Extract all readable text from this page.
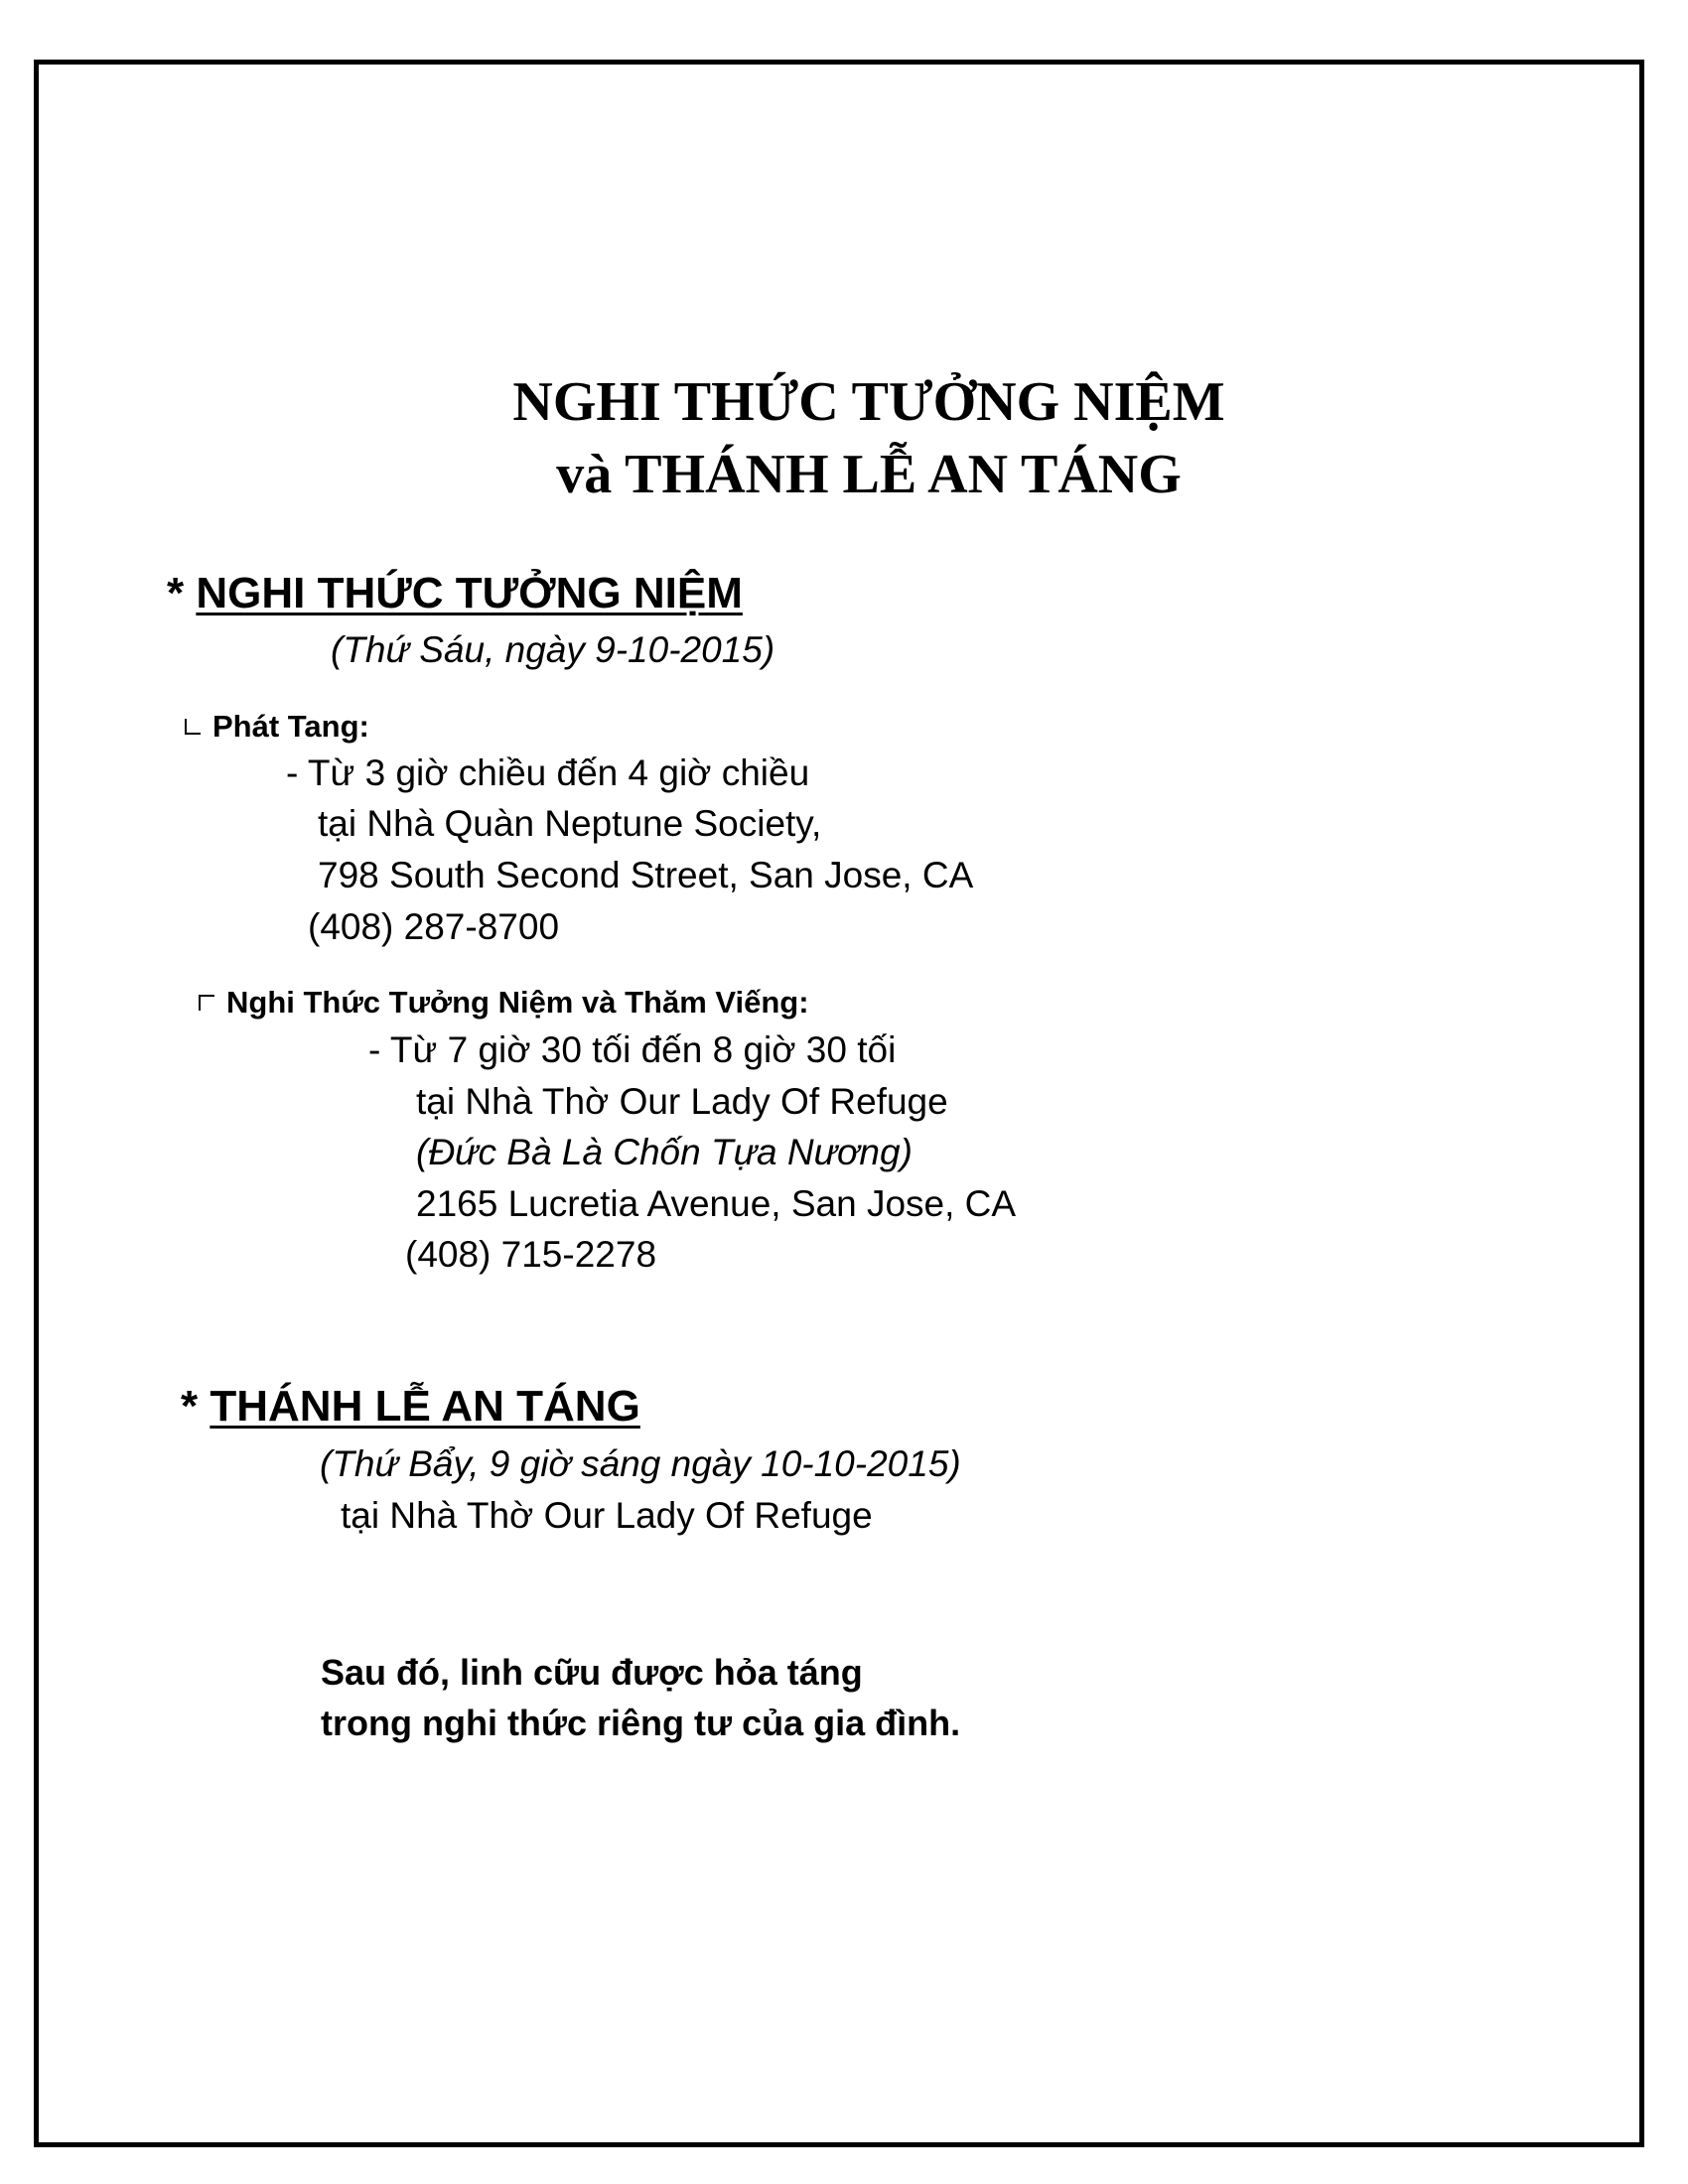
NGHI THỨC TƯỞNG NIỆM
và THÁNH LỄ AN TÁNG
* NGHI THỨC TƯỞNG NIỆM
(Thứ Sáu, ngày 9-10-2015)
Phát Tang:
- Từ 3 giờ chiều đến 4 giờ chiều
tại Nhà Quàn Neptune Society,
798 South Second Street, San Jose, CA
(408) 287-8700
Nghi Thức Tưởng Niệm và Thăm Viếng:
- Từ 7 giờ 30 tối đến 8 giờ 30 tối
tại Nhà Thờ Our Lady Of Refuge
(Đức Bà Là Chốn Tựa Nương)
2165 Lucretia Avenue, San Jose, CA
(408) 715-2278
* THÁNH LỄ AN TÁNG
(Thứ Bẩy, 9 giờ sáng ngày 10-10-2015)
tại Nhà Thờ Our Lady Of Refuge
Sau đó, linh cữu được hỏa táng
trong nghi thức riêng tư của gia đình.
